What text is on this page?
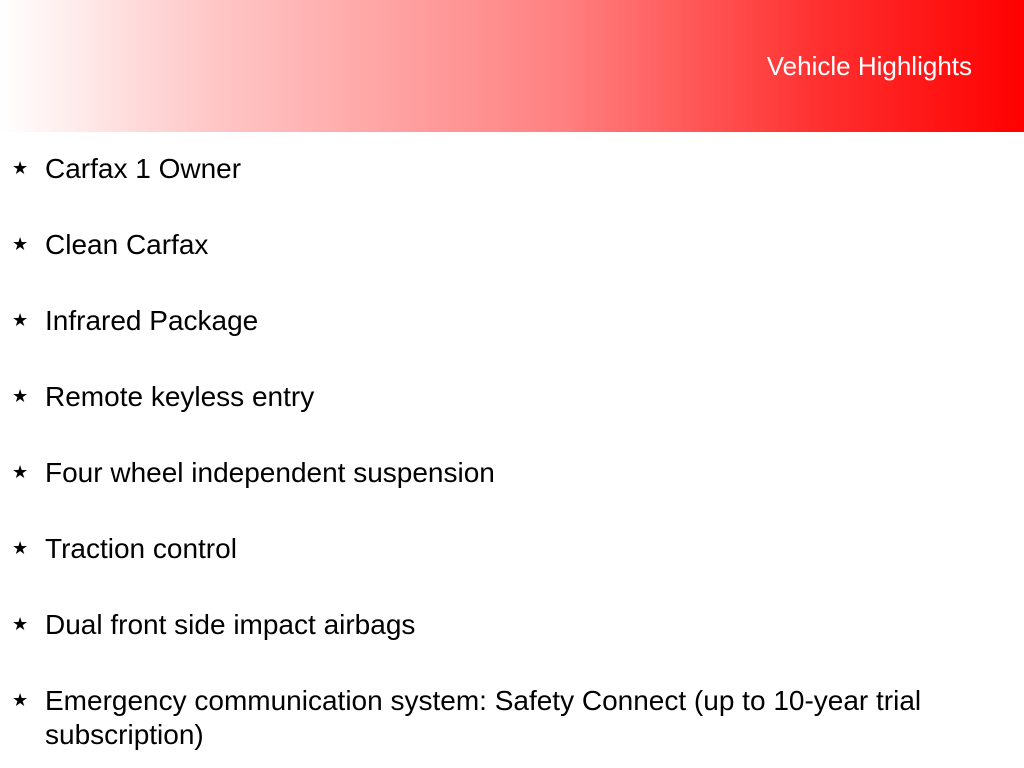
Vehicle Highlights
★ Carfax 1 Owner
★ Clean Carfax
★ Infrared Package
★ Remote keyless entry
★ Four wheel independent suspension
★ Traction control
★ Dual front side impact airbags
★ Emergency communication system: Safety Connect (up to 10-year trial subscription)
